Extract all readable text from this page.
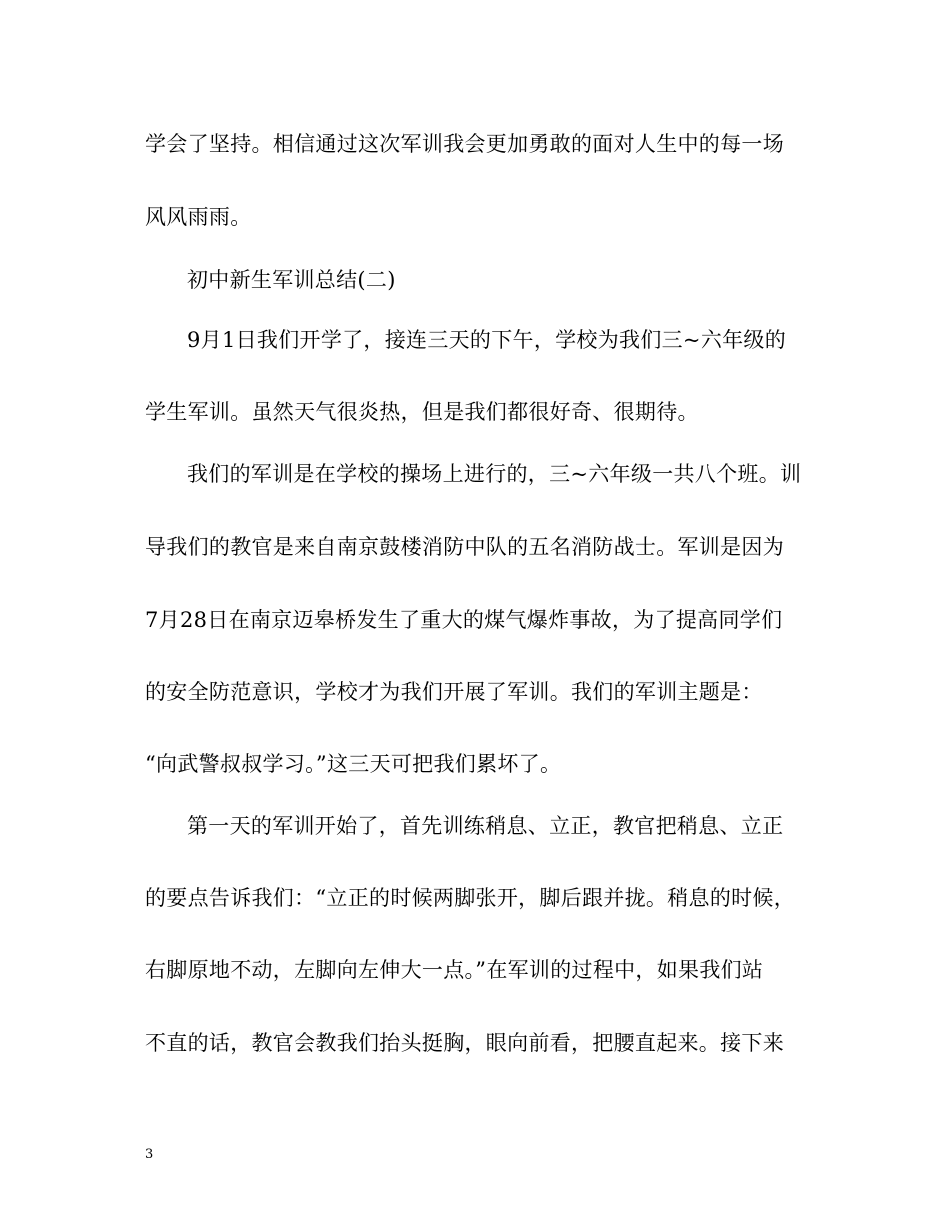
学会了坚持。相信通过这次军训我会更加勇敢的面对人生中的每一场
风风雨雨。
初中新生军训总结(二)
9月1日我们开学了，接连三天的下午，学校为我们三~六年级的
学生军训。虽然天气很炎热，但是我们都很好奇、很期待。
我们的军训是在学校的操场上进行的，三~六年级一共八个班。训
导我们的教官是来自南京鼓楼消防中队的五名消防战士。军训是因为
7月28日在南京迈皋桥发生了重大的煤气爆炸事故，为了提高同学们
的安全防范意识，学校才为我们开展了军训。我们的军训主题是：
“向武警叔叔学习。”这三天可把我们累坏了。
第一天的军训开始了，首先训练稍息、立正，教官把稍息、立正
的要点告诉我们：“立正的时候两脚张开，脚后跟并拢。稍息的时候，
右脚原地不动，左脚向左伸大一点。”在军训的过程中，如果我们站
不直的话，教官会教我们抬头挺胸，眼向前看，把腰直起来。接下来
3
